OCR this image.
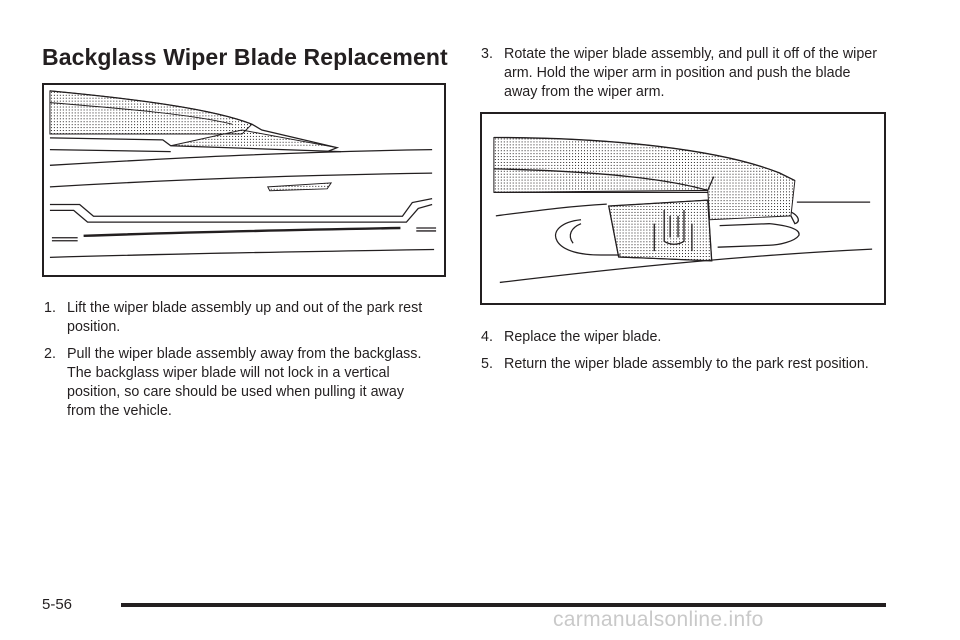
Backglass Wiper Blade Replacement
1. Lift the wiper blade assembly up and out of the park rest position.
2. Pull the wiper blade assembly away from the backglass. The backglass wiper blade will not lock in a vertical position, so care should be used when pulling it away from the vehicle.
3. Rotate the wiper blade assembly, and pull it off of the wiper arm. Hold the wiper arm in position and push the blade away from the wiper arm.
4. Replace the wiper blade.
5. Return the wiper blade assembly to the park rest position.
5-56
carmanualsonline.info
